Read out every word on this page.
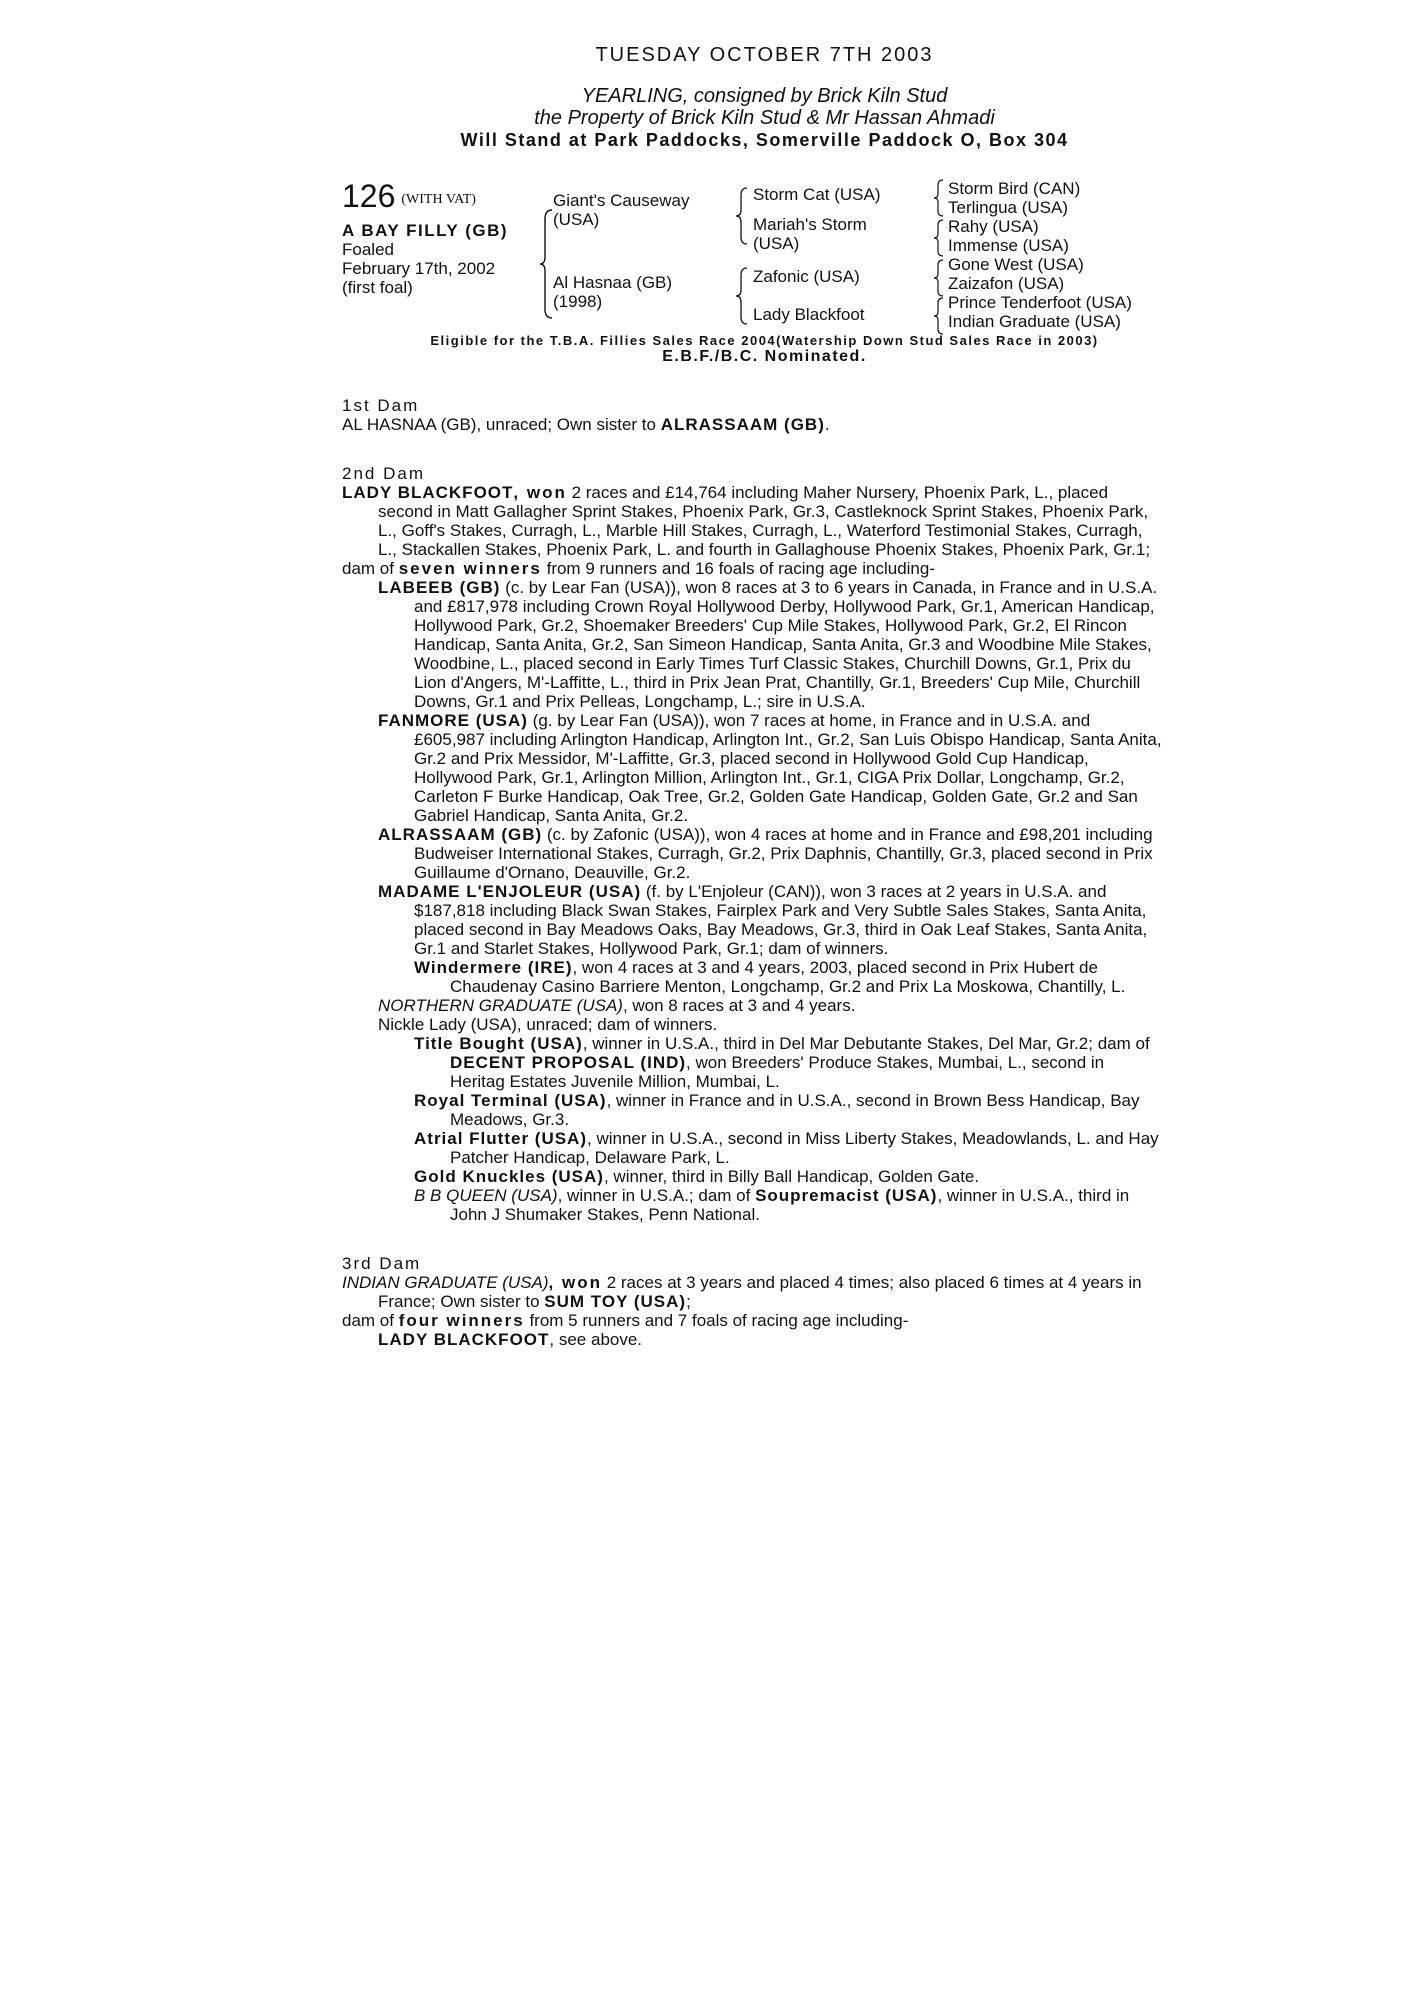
TUESDAY OCTOBER 7TH 2003
YEARLING, consigned by Brick Kiln Stud
the Property of Brick Kiln Stud & Mr Hassan Ahmadi
Will Stand at Park Paddocks, Somerville Paddock O, Box 304
126 (WITH VAT)
A BAY FILLY (GB)
Foaled
February 17th, 2002
(first foal)
Giant's Causeway
(USA)
Al Hasnaa (GB)
(1998)
Storm Cat (USA)
Mariah's Storm
(USA)
Zafonic (USA)
Lady Blackfoot
Storm Bird (CAN)
Terlingua (USA)
Rahy (USA)
Immense (USA)
Gone West (USA)
Zaizafon (USA)
Prince Tenderfoot (USA)
Indian Graduate (USA)
Eligible for the T.B.A. Fillies Sales Race 2004(Watership Down Stud Sales Race in 2003)
E.B.F./B.C. Nominated.
1st Dam
AL HASNAA (GB), unraced; Own sister to ALRASSAAM (GB).
2nd Dam
LADY BLACKFOOT, won 2 races and £14,764 including Maher Nursery, Phoenix Park, L., placed second in Matt Gallagher Sprint Stakes, Phoenix Park, Gr.3, Castleknock Sprint Stakes, Phoenix Park, L., Goff's Stakes, Curragh, L., Marble Hill Stakes, Curragh, L., Waterford Testimonial Stakes, Curragh, L., Stackallen Stakes, Phoenix Park, L. and fourth in Gallaghouse Phoenix Stakes, Phoenix Park, Gr.1;
dam of seven winners from 9 runners and 16 foals of racing age including-
LABEEB (GB) (c. by Lear Fan (USA)), won 8 races at 3 to 6 years in Canada, in France and in U.S.A. and £817,978 including Crown Royal Hollywood Derby, Hollywood Park, Gr.1, American Handicap, Hollywood Park, Gr.2, Shoemaker Breeders' Cup Mile Stakes, Hollywood Park, Gr.2, El Rincon Handicap, Santa Anita, Gr.2, San Simeon Handicap, Santa Anita, Gr.3 and Woodbine Mile Stakes, Woodbine, L., placed second in Early Times Turf Classic Stakes, Churchill Downs, Gr.1, Prix du Lion d'Angers, M'-Laffitte, L., third in Prix Jean Prat, Chantilly, Gr.1, Breeders' Cup Mile, Churchill Downs, Gr.1 and Prix Pelleas, Longchamp, L.; sire in U.S.A.
FANMORE (USA) (g. by Lear Fan (USA)), won 7 races at home, in France and in U.S.A. and £605,987 including Arlington Handicap, Arlington Int., Gr.2, San Luis Obispo Handicap, Santa Anita, Gr.2 and Prix Messidor, M'-Laffitte, Gr.3, placed second in Hollywood Gold Cup Handicap, Hollywood Park, Gr.1, Arlington Million, Arlington Int., Gr.1, CIGA Prix Dollar, Longchamp, Gr.2, Carleton F Burke Handicap, Oak Tree, Gr.2, Golden Gate Handicap, Golden Gate, Gr.2 and San Gabriel Handicap, Santa Anita, Gr.2.
ALRASSAAM (GB) (c. by Zafonic (USA)), won 4 races at home and in France and £98,201 including Budweiser International Stakes, Curragh, Gr.2, Prix Daphnis, Chantilly, Gr.3, placed second in Prix Guillaume d'Ornano, Deauville, Gr.2.
MADAME L'ENJOLEUR (USA) (f. by L'Enjoleur (CAN)), won 3 races at 2 years in U.S.A. and $187,818 including Black Swan Stakes, Fairplex Park and Very Subtle Sales Stakes, Santa Anita, placed second in Bay Meadows Oaks, Bay Meadows, Gr.3, third in Oak Leaf Stakes, Santa Anita, Gr.1 and Starlet Stakes, Hollywood Park, Gr.1; dam of winners.
Windermere (IRE), won 4 races at 3 and 4 years, 2003, placed second in Prix Hubert de Chaudenay Casino Barriere Menton, Longchamp, Gr.2 and Prix La Moskowa, Chantilly, L.
NORTHERN GRADUATE (USA), won 8 races at 3 and 4 years.
Nickle Lady (USA), unraced; dam of winners.
Title Bought (USA), winner in U.S.A., third in Del Mar Debutante Stakes, Del Mar, Gr.2; dam of DECENT PROPOSAL (IND), won Breeders' Produce Stakes, Mumbai, L., second in Heritag Estates Juvenile Million, Mumbai, L.
Royal Terminal (USA), winner in France and in U.S.A., second in Brown Bess Handicap, Bay Meadows, Gr.3.
Atrial Flutter (USA), winner in U.S.A., second in Miss Liberty Stakes, Meadowlands, L. and Hay Patcher Handicap, Delaware Park, L.
Gold Knuckles (USA), winner, third in Billy Ball Handicap, Golden Gate.
B B QUEEN (USA), winner in U.S.A.; dam of Soupremacist (USA), winner in U.S.A., third in John J Shumaker Stakes, Penn National.
3rd Dam
INDIAN GRADUATE (USA), won 2 races at 3 years and placed 4 times; also placed 6 times at 4 years in France; Own sister to SUM TOY (USA);
dam of four winners from 5 runners and 7 foals of racing age including-
LADY BLACKFOOT, see above.
